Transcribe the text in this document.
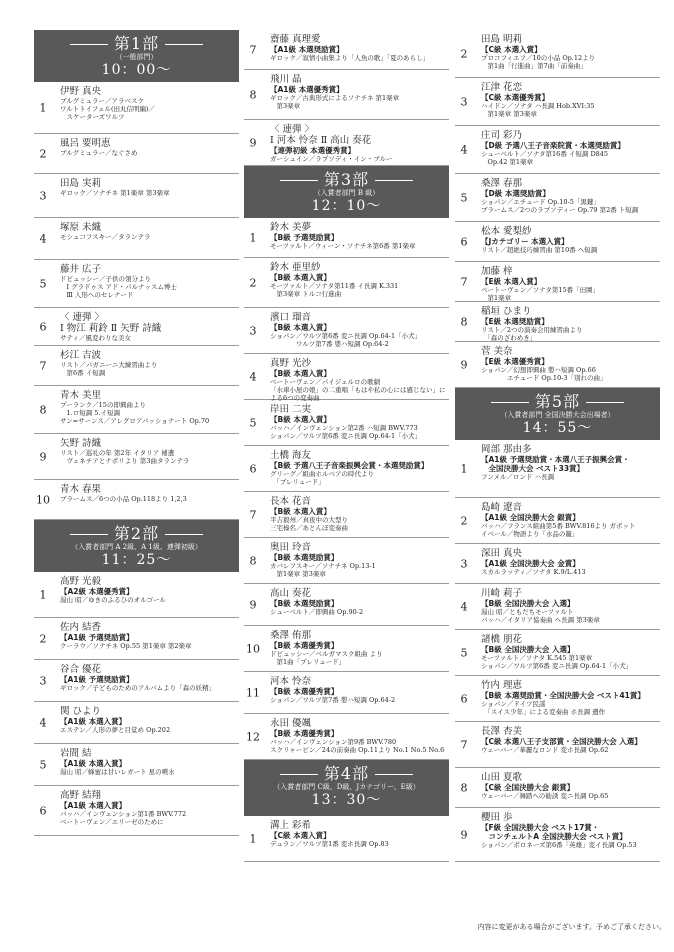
第1部
（一般部門）
10：00～
1

伊野 真央

ブルグミュラー／アラベスク
ワルトトイフェル(田丸信明編)／
　スケーターズワルツ

2

風呂 要明恵

ブルグミュラー／なぐさめ

3

田島 実莉

ギロック／ソナチネ 第1楽章 第3楽章

4

塚原 未織

モシュコフスキー／タランテラ

5

藤井 広子

ドビュッシー／子供の領分より
　Ⅰ グラドゥス アド・パルナッスム博士
　Ⅲ 人形へのセレナード

6

〈 連弾 〉
Ⅰ 物江 莉鈴 Ⅱ 矢野 詩織

サティ／風変わりな美女

7

杉江 吉波

リスト／パガニーニ大練習曲より
　第6番 イ短調

8

青木 美里

プーランク／15の即興曲より
　1.ロ短調 5.イ短調
サン=サーンス／アレグロアパッショナート Op.70

9

矢野 詩織

リスト／巡礼の年 第2年 イタリア 補遺
　ヴェネチアとナポリより 第3曲タランテラ

10

青木 春果

ブラームス／6つの小品 Op.118より 1,2,3

第2部
（入賞者部門 A 2級、A 1級、連弾初級）
11：25～
1

高野 光毅

【A2級 本選優秀賞】

湯山 昭／ゆきのふるひのオルゴール

2

佐内 結香

【A1級 予選奨励賞】

クーラウ／ソナチネ Op.55 第1楽章 第2楽章

3

谷合 優花

【A1級 予選奨励賞】

ギロック／子どものためのアルバムより「森の妖精」

4

関 ひより

【A1級 本選入賞】

エステン／人形の夢と目覚め Op.202

5

岩間 結

【A1級 本選入賞】

湯山 昭／蜂蜜は甘いレガート 星の噴水

6

高野 結翔

【A1級 本選入賞】

バッハ／インヴェンション第1番 BWV.772
ベートーヴェン／エリーゼのために

7

齋藤 真理愛

【A1級 本選奨励賞】

ギロック／叙情小曲集より「人魚の歌」「夏のあらし」

8

飛川 晶

【A1級 本選優秀賞】

ギロック／古典形式によるソナチネ 第1楽章
　第3楽章

9

〈 連弾 〉
Ⅰ 河本 怜奈 Ⅱ 高山 奏花

【連弾初級 本選優秀賞】

ガーシュイン／ラプソディ・イン・ブルー

第3部
（入賞者部門 B 級）
12：10～
1

鈴木 美夢

【B級 予選奨励賞】

モーツァルト／ウィーン・ソナチネ第6番 第1楽章

2

鈴木 亜里紗

【B級 本選入賞】

モーツァルト／ソナタ第11番 イ長調 K.331
　第3楽章 トルコ行進曲

3

濱口 瑠音

【B級 本選入賞】

ショパン／ワルツ第6番 変ニ長調 Op.64-1「小犬」
　　　　ワルツ第7番 嬰ハ短調 Op.64-2

4

真野 光沙

【B級 本選入賞】

ベートーヴェン／パイジェルロの歌劇
「水車小屋の娘」の二重唱「もはや私の心には感じない」による6つの変奏曲

5

岸田 二実

【B級 本選入賞】

バッハ／インヴェンション第2番 ハ短調 BWV.773
ショパン／ワルツ第6番 変ニ長調 Op.64-1「小犬」

6

土橋 海友

【B級 予選八王子音楽振興会賞・本選奨励賞】

グリーグ／組曲ホルベアの時代より
　「プレリュード」

7

長本 花音

【B級 本選入賞】

平吉毅州／真夜中の大型り
三宅榛名／あとんぼ変奏曲

8

奥田 玲音

【B級 本選奨励賞】

カバレフスキー／ソナチネ Op.13-1
　第1楽章 第3楽章

9

高山 奏花

【B級 本選奨励賞】

シューベルト／即興曲 Op.90-2

10

桑澤 侑那

【B級 本選優秀賞】

ドビュッシー／ベルガマスク組曲 より
　第1曲「プレリュード」

11

河本 怜奈

【B級 本選優秀賞】

ショパン／ワルツ第7番 嬰ハ短調 Op.64-2

12

永田 優颯

【B級 本選優秀賞】

バッハ／インヴェンション第9番 BWV.780
スクリャービン／24の前奏曲 Op.11より No.1 No.5 No.6

第4部
（入賞者部門 C級、D級、Jカテゴリー、E級）
13：30～
1

溝上 彩希

【C級 本選入賞】

デュラン／ワルツ第1番 変ホ長調 Op.83

2

田島 明莉

【C級 本選入賞】

プロコフィエフ／10の小品 Op.12より
　第1曲「行進曲」第7曲「前奏曲」

3

江津 花恋

【C級 本選優秀賞】

ハイドン／ソナタ ハ長調 Hob.XVI:35
　第1楽章 第3楽章

4

庄司 彩乃

【D級 予選八王子音楽院賞・本選奨励賞】

シューベルト／ソナタ第16番 イ短調 D845
　Op.42 第1楽章

5

桑澤 春那

【D級 本選奨励賞】

ショパン／エチュード Op.10-5「黒鍵」
ブラームス／2つのラプソディー Op.79 第2番 ト短調

6

松本 愛梨紗

【Jカテゴリー 本選入賞】

リスト／超絶技巧練習曲 第10番 ヘ短調

7

加藤 梓

【E級 本選入賞】

ベートーヴェン／ソナタ第15番「田園」
　第1楽章

8

稲垣 ひまり

【E級 本選奨励賞】

リスト／2つの演奏会用練習曲より
　「森のざわめき」

9

菅 美奈

【E級 本選優秀賞】

ショパン／幻想即興曲 嬰ハ短調 Op.66
　　　　エチュード Op.10-3「別れの曲」

第5部
（入賞者部門 全国決勝大会出場者）
14：55～
1

岡部 那由多

【A1級 予選奨励賞・本選八王子振興会賞・
　全国決勝大会 ベスト33賞】

フンメル／ロンド ハ長調

2

島崎 遼音

【A1級 全国決勝大会 銀賞】

バッハ／フランス組曲第5番 BWV.816より ガボット
イベール／物語より「水品の籠」

3

深田 真央

【A1級 全国決勝大会 金賞】

スカルラッティ／ソナタ K.9/L.413

4

川崎 莉子

【B級 全国決勝大会 入選】

湯山 昭／ともだちモーツァルト
バッハ／イタリア協奏曲 ヘ長調 第3楽章

5

諸橋 朋花

【B級 全国決勝大会 入選】

モーツァルト／ソナタ K.545 第1楽章
ショパン／ワルツ第6番 変ニ長調 Op.64-1「小犬」

6

竹内 理恵

【B級 本選奨励賞・全国決勝大会 ベスト41賞】

ショパン／ドイツ民謡
　「スイス少年」による変奏曲 ホ長調 遺作

7

長澤 杏美

【C級 本選八王子支部賞・全国決勝大会 入選】

ウェーバー／華麗なロンド 変ホ長調 Op.62

8

山田 夏歌

【C級 全国決勝大会 銀賞】

ウェーバー／舞踏への勧誘 変ニ長調 Op.65

9

櫻田 歩

【F級 全国決勝大会 ベスト17賞・
　コンチェルトA 全国決勝大会 ベスト賞】

ショパン／ポロネーズ第6番「英雄」変イ長調 Op.53

内容に変更がある場合がございます。予めご了承ください。
